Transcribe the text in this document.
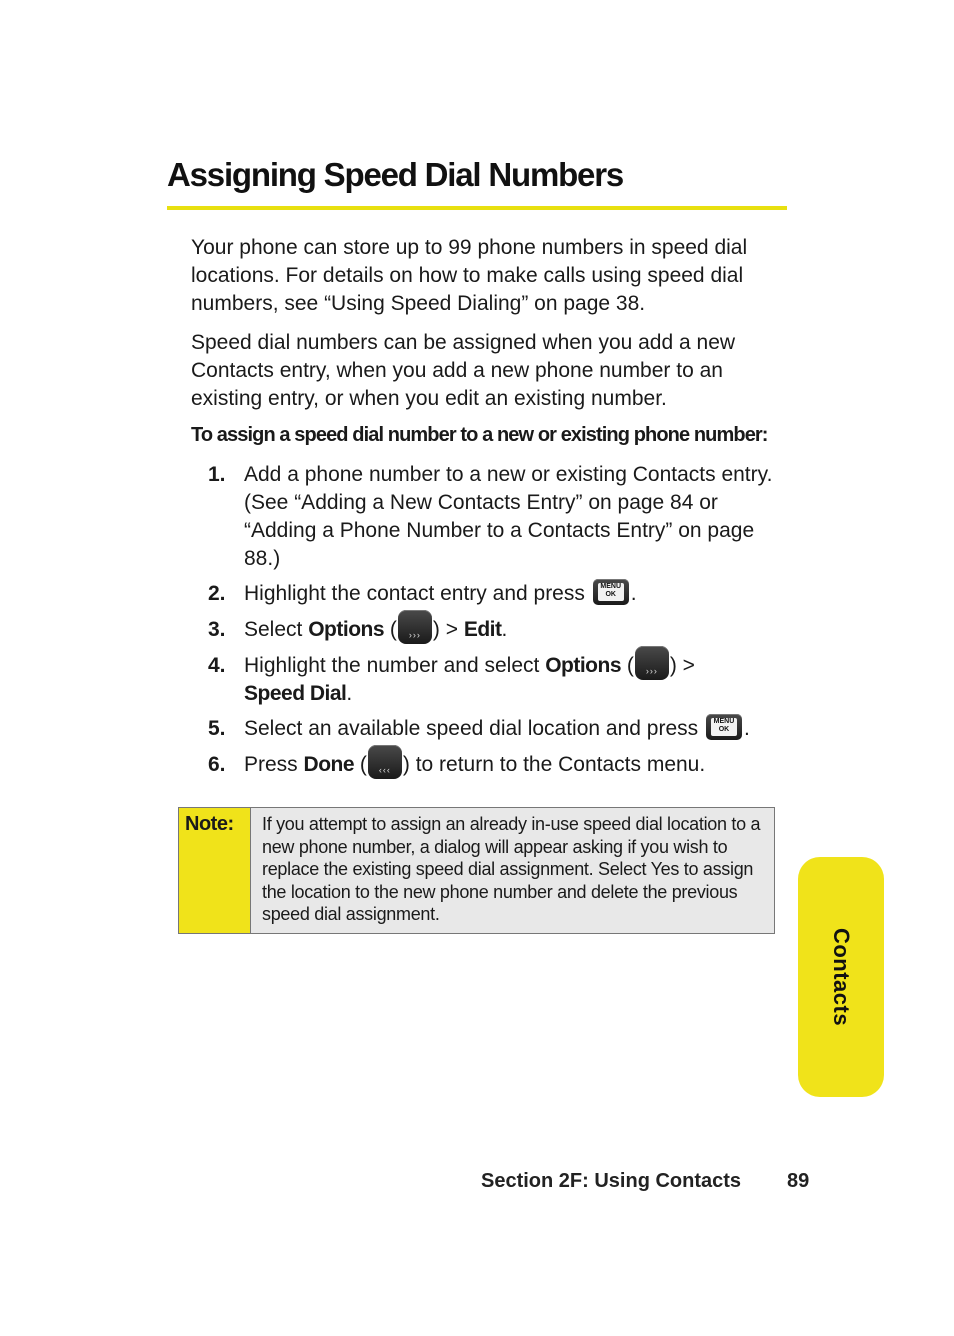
Assigning Speed Dial Numbers
Your phone can store up to 99 phone numbers in speed dial locations. For details on how to make calls using speed dial numbers, see “Using Speed Dialing” on page 38.
Speed dial numbers can be assigned when you add a new Contacts entry, when you add a new phone number to an existing entry, or when you edit an existing number.
To assign a speed dial number to a new or existing phone number:
1. Add a phone number to a new or existing Contacts entry. (See “Adding a New Contacts Entry” on page 84 or “Adding a Phone Number to a Contacts Entry” on page 88.)
2. Highlight the contact entry and press	MENU
OK .
3. Select Options (	››› ) > Edit.
4. Highlight the number and select Options (	››› ) >
Speed Dial.
5. Select an available speed dial location and press	MENU
OK .
6. Press Done (	‹‹‹ ) to return to the Contacts menu.
Note: If you attempt to assign an already in-use speed dial location to a new phone number, a dialog will appear asking if you wish to replace the existing speed dial assignment. Select Yes to assign the location to the new phone number and delete the previous speed dial assignment.
Contacts
Section 2F: Using Contacts 89
